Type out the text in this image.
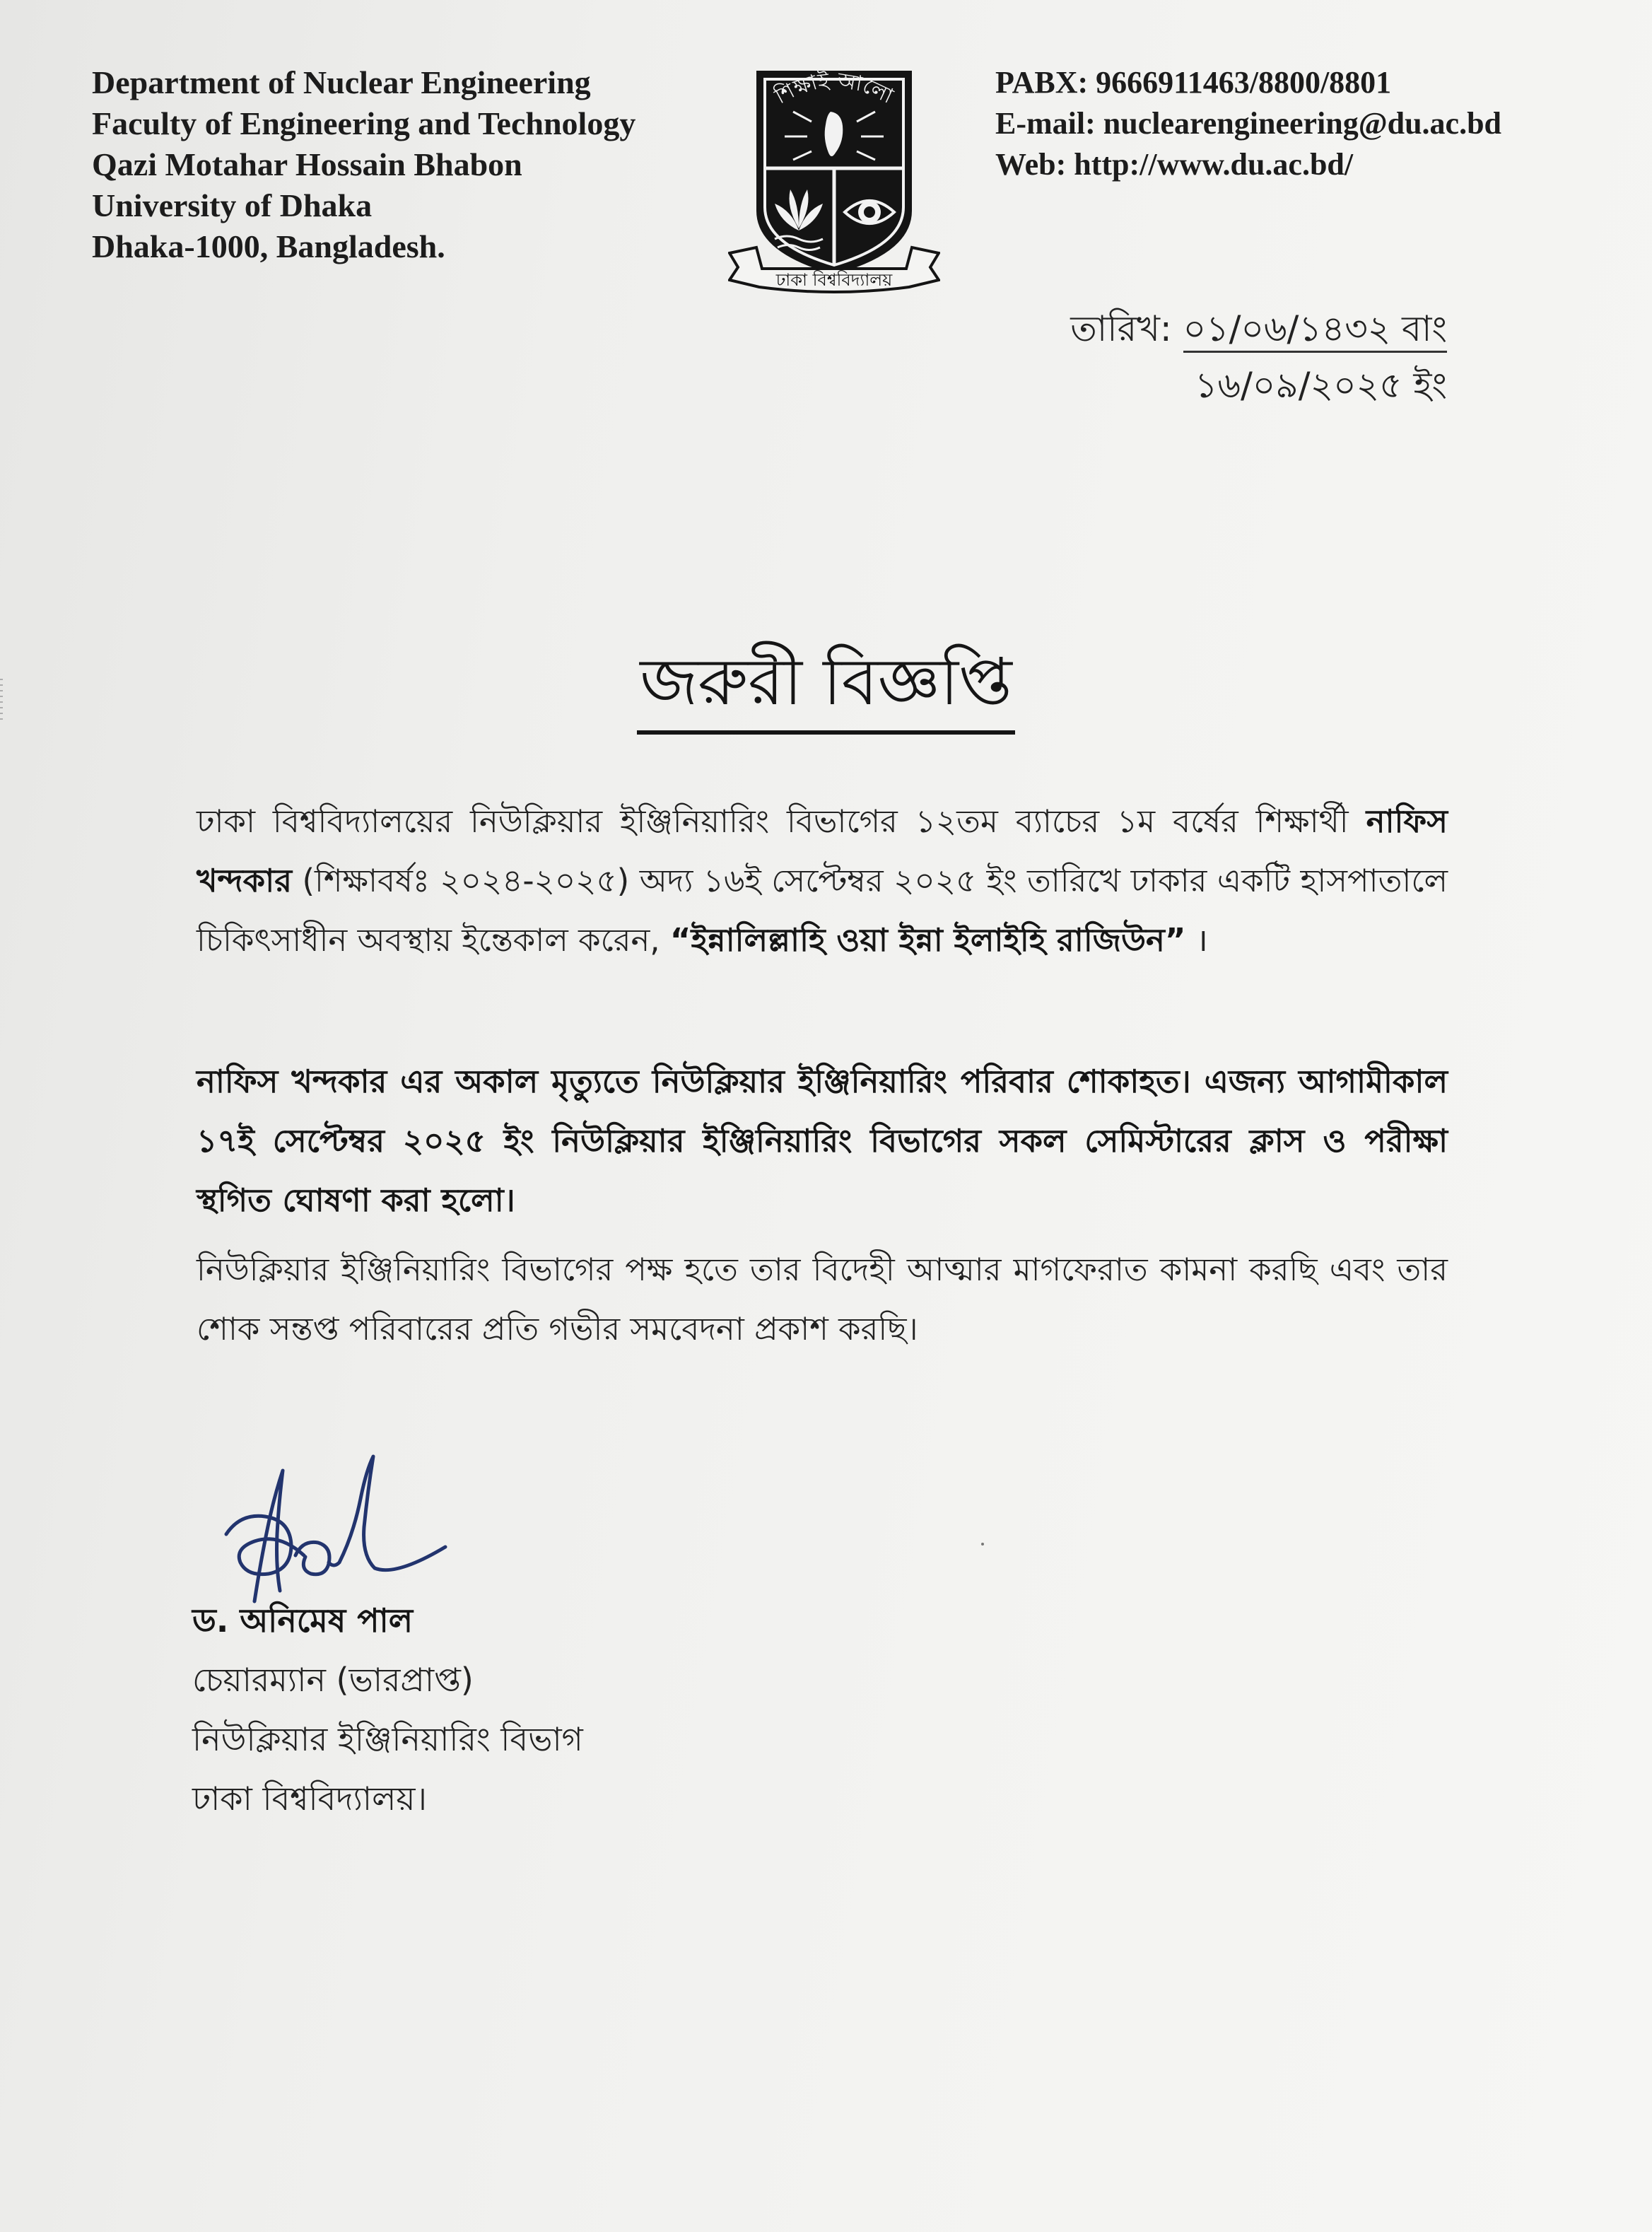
Department of Nuclear Engineering
Faculty of Engineering and Technology
Qazi Motahar Hossain Bhabon
University of Dhaka
Dhaka-1000, Bangladesh.
শিক্ষাই আলো
ঢাকা বিশ্ববিদ্যালয়
PABX: 9666911463/8800/8801
E-mail: nuclearengineering@du.ac.bd
Web: http://www.du.ac.bd/
তারিখ: ০১/০৬/১৪৩২ বাং
১৬/০৯/২০২৫ ইং
জরুরী বিজ্ঞপ্তি
ঢাকা বিশ্ববিদ্যালয়ের নিউক্লিয়ার ইঞ্জিনিয়ারিং বিভাগের ১২তম ব্যাচের ১ম বর্ষের শিক্ষার্থী নাফিস খন্দকার (শিক্ষাবর্ষঃ ২০২৪-২০২৫) অদ্য ১৬ই সেপ্টেম্বর ২০২৫ ইং তারিখে ঢাকার একটি হাসপাতালে চিকিৎসাধীন অবস্থায় ইন্তেকাল করেন, “ইন্নালিল্লাহি ওয়া ইন্না ইলাইহি রাজিউন” ।
নাফিস খন্দকার এর অকাল মৃত্যুতে নিউক্লিয়ার ইঞ্জিনিয়ারিং পরিবার শোকাহত। এজন্য আগামীকাল ১৭ই সেপ্টেম্বর ২০২৫ ইং নিউক্লিয়ার ইঞ্জিনিয়ারিং বিভাগের সকল সেমিস্টারের ক্লাস ও পরীক্ষা স্থগিত ঘোষণা করা হলো।
নিউক্লিয়ার ইঞ্জিনিয়ারিং বিভাগের পক্ষ হতে তার বিদেহী আত্মার মাগফেরাত কামনা করছি এবং তার শোক সন্তপ্ত পরিবারের প্রতি গভীর সমবেদনা প্রকাশ করছি।
ড. অনিমেষ পাল
চেয়ারম্যান (ভারপ্রাপ্ত)
নিউক্লিয়ার ইঞ্জিনিয়ারিং বিভাগ
ঢাকা বিশ্ববিদ্যালয়।
